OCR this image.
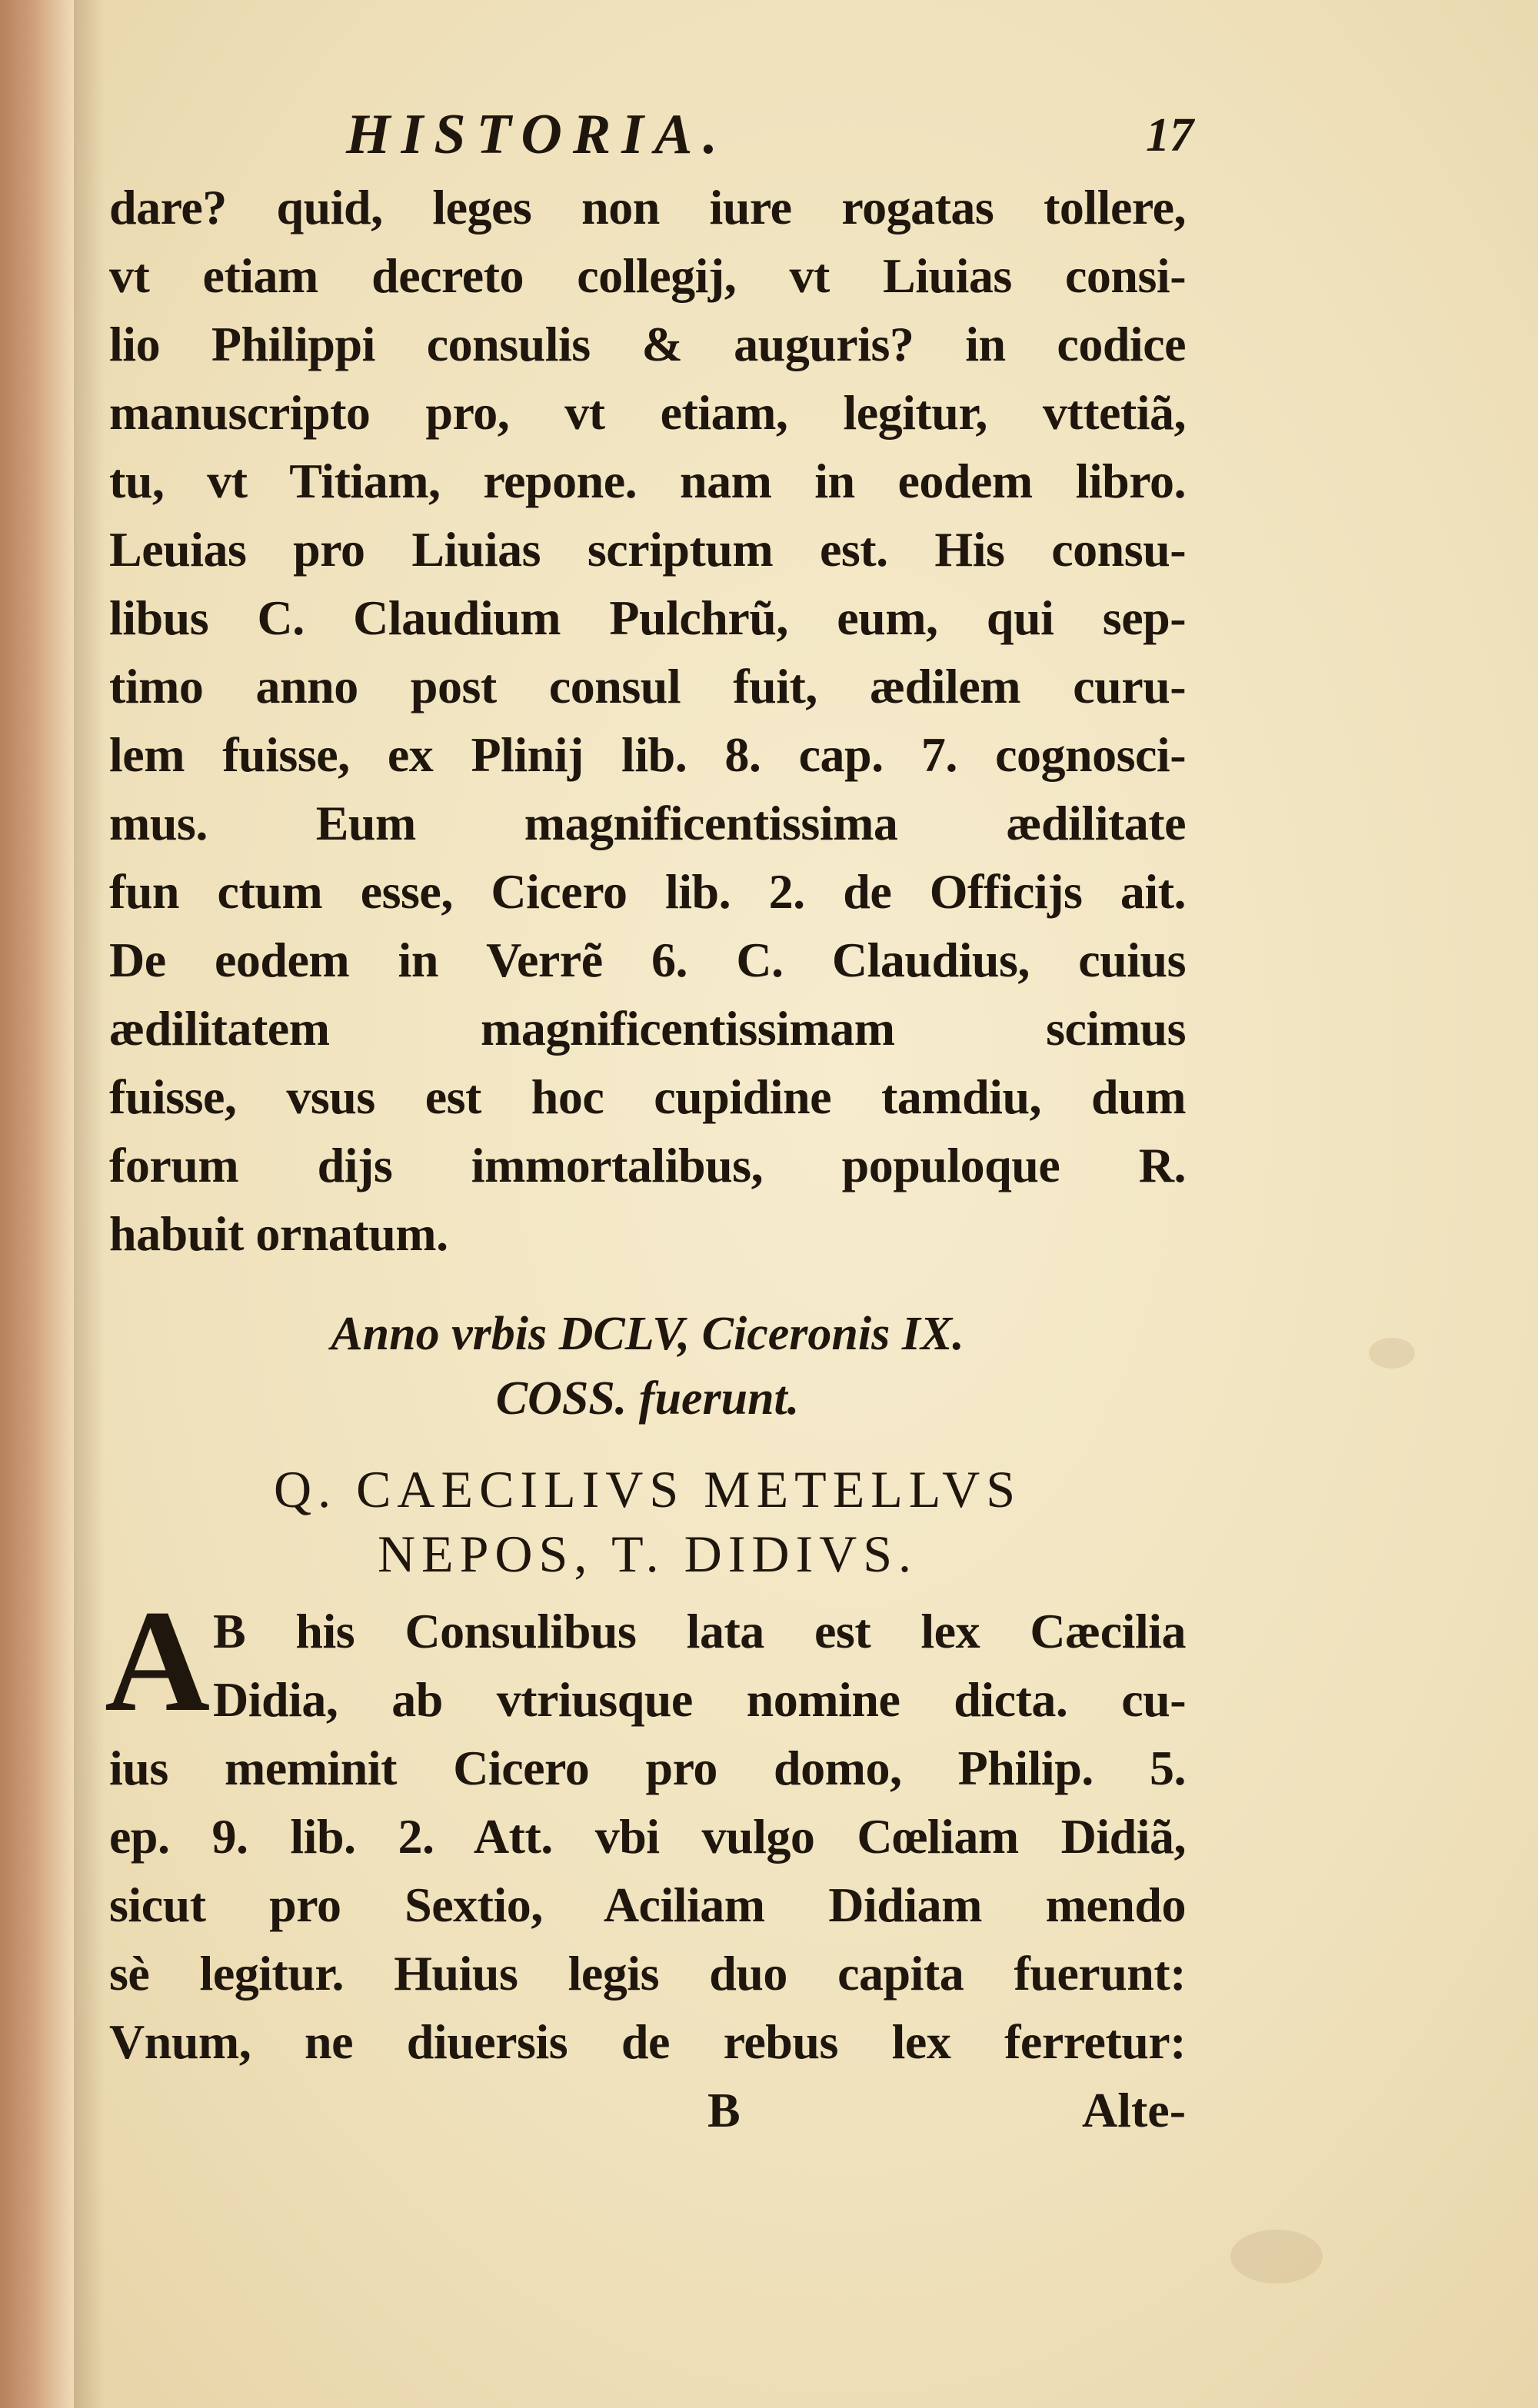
HISTORIA.	17
dare? quid, leges non iure rogatas tollere,
vt etiam decreto collegij, vt Liuias consi-
lio Philippi consulis & auguris? in codice
manuscripto pro, vt etiam, legitur, vttetiã,
tu, vt Titiam, repone. nam in eodem libro.
Leuias pro Liuias scriptum est. His consu-
libus C. Claudium Pulchrũ, eum, qui sep-
timo anno post consul fuit, ædilem curu-
lem fuisse, ex Plinij lib. 8. cap. 7. cognosci-
mus. Eum magnificentissima ædilitate
fun ctum esse, Cicero lib. 2. de Officijs ait.
De eodem in Verrẽ 6. C. Claudius, cuius
ædilitatem magnificentissimam scimus
fuisse, vsus est hoc cupidine tamdiu, dum
forum dijs immortalibus, populoque R.
habuit ornatum.
Anno vrbis DCLV, Ciceronis IX.
COSS. fuerunt.
Q. CAECILIVS METELLVS
NEPOS, T. DIDIVS.
A B his Consulibus lata est lex Cæcilia
Didia, ab vtriusque nomine dicta. cu-
ius meminit Cicero pro domo, Philip. 5.
ep. 9. lib. 2. Att. vbi vulgo Cœliam Didiã,
sicut pro Sextio, Aciliam Didiam mendo
sè legitur. Huius legis duo capita fuerunt:
Vnum, ne diuersis de rebus lex ferretur:
B	Alte-
